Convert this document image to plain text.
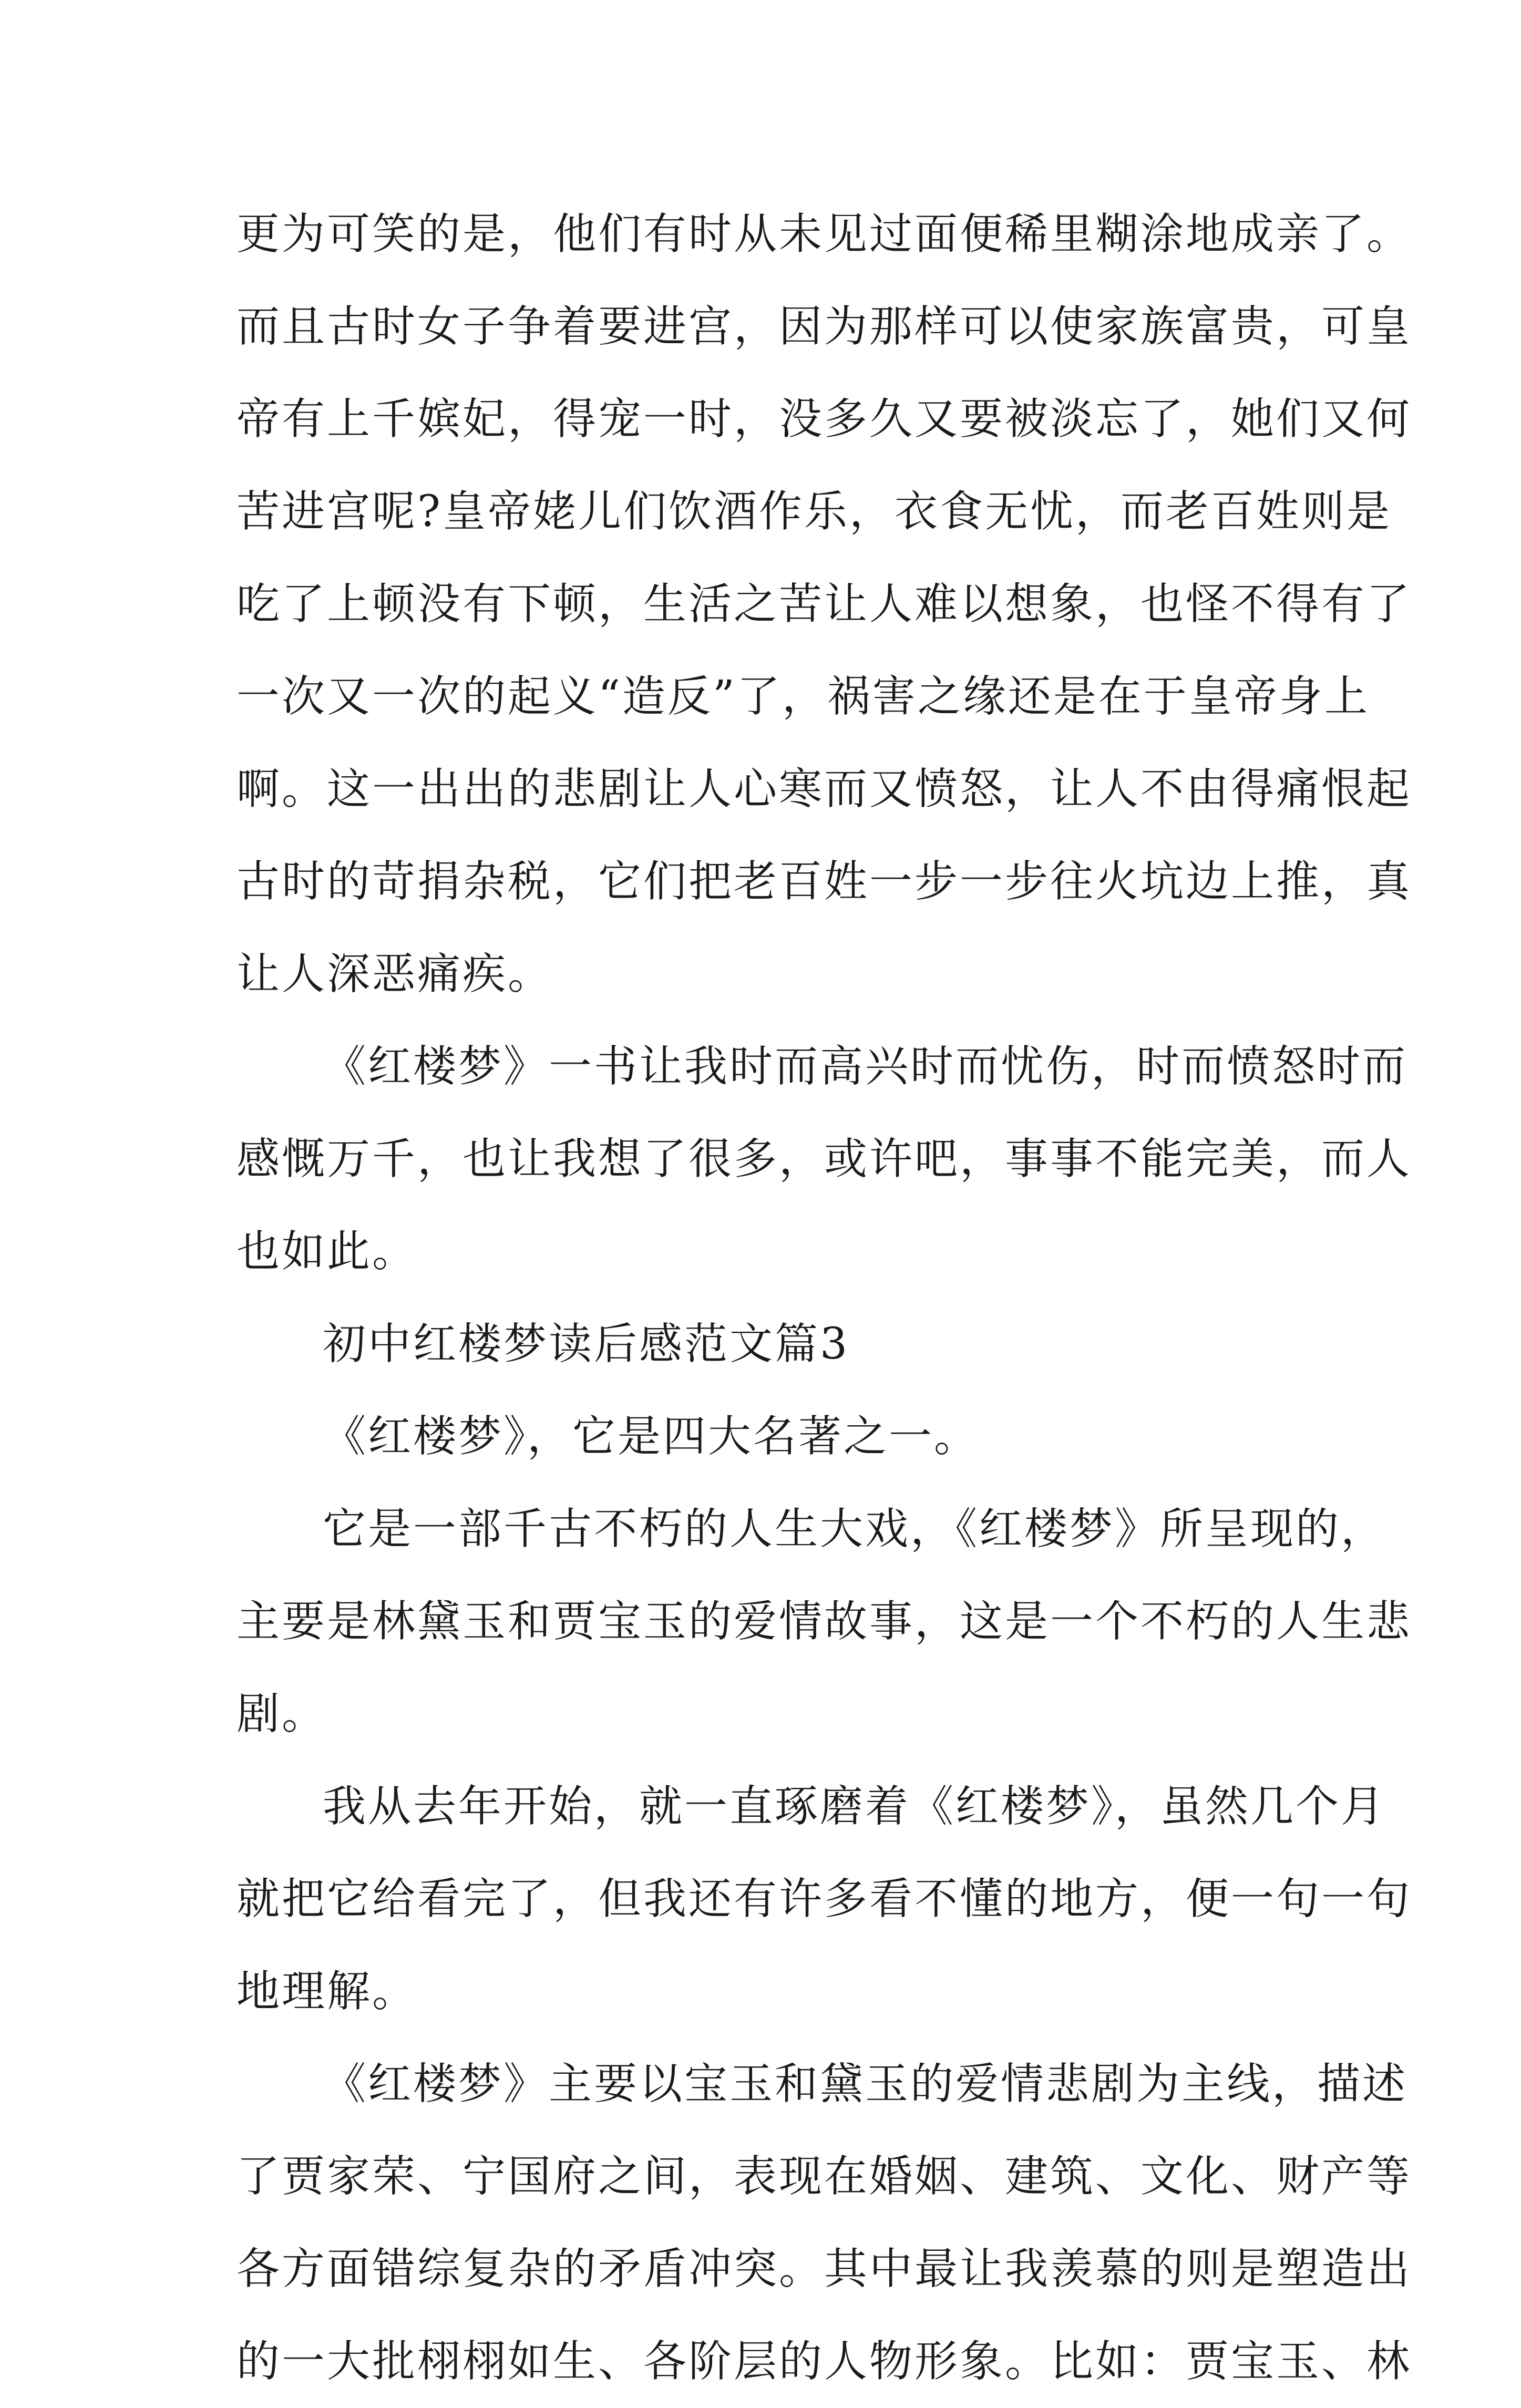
更为可笑的是，他们有时从未见过面便稀里糊涂地成亲了。
而且古时女子争着要进宫，因为那样可以使家族富贵，可皇
帝有上千嫔妃，得宠一时，没多久又要被淡忘了，她们又何
苦进宫呢?皇帝姥儿们饮酒作乐，衣食无忧，而老百姓则是
吃了上顿没有下顿，生活之苦让人难以想象，也怪不得有了
一次又一次的起义“造反”了，祸害之缘还是在于皇帝身上
啊。这一出出的悲剧让人心寒而又愤怒，让人不由得痛恨起
古时的苛捐杂税，它们把老百姓一步一步往火坑边上推，真
让人深恶痛疾。
《红楼梦》一书让我时而高兴时而忧伤，时而愤怒时而
感慨万千，也让我想了很多，或许吧，事事不能完美，而人
也如此。
初中红楼梦读后感范文篇3
《红楼梦》，它是四大名著之一。
它是一部千古不朽的人生大戏，《红楼梦》所呈现的，
主要是林黛玉和贾宝玉的爱情故事，这是一个不朽的人生悲
剧。
我从去年开始，就一直琢磨着《红楼梦》，虽然几个月
就把它给看完了，但我还有许多看不懂的地方，便一句一句
地理解。
《红楼梦》主要以宝玉和黛玉的爱情悲剧为主线，描述
了贾家荣、宁国府之间，表现在婚姻、建筑、文化、财产等
各方面错综复杂的矛盾冲突。其中最让我羡慕的则是塑造出
的一大批栩栩如生、各阶层的人物形象。比如：贾宝玉、林
